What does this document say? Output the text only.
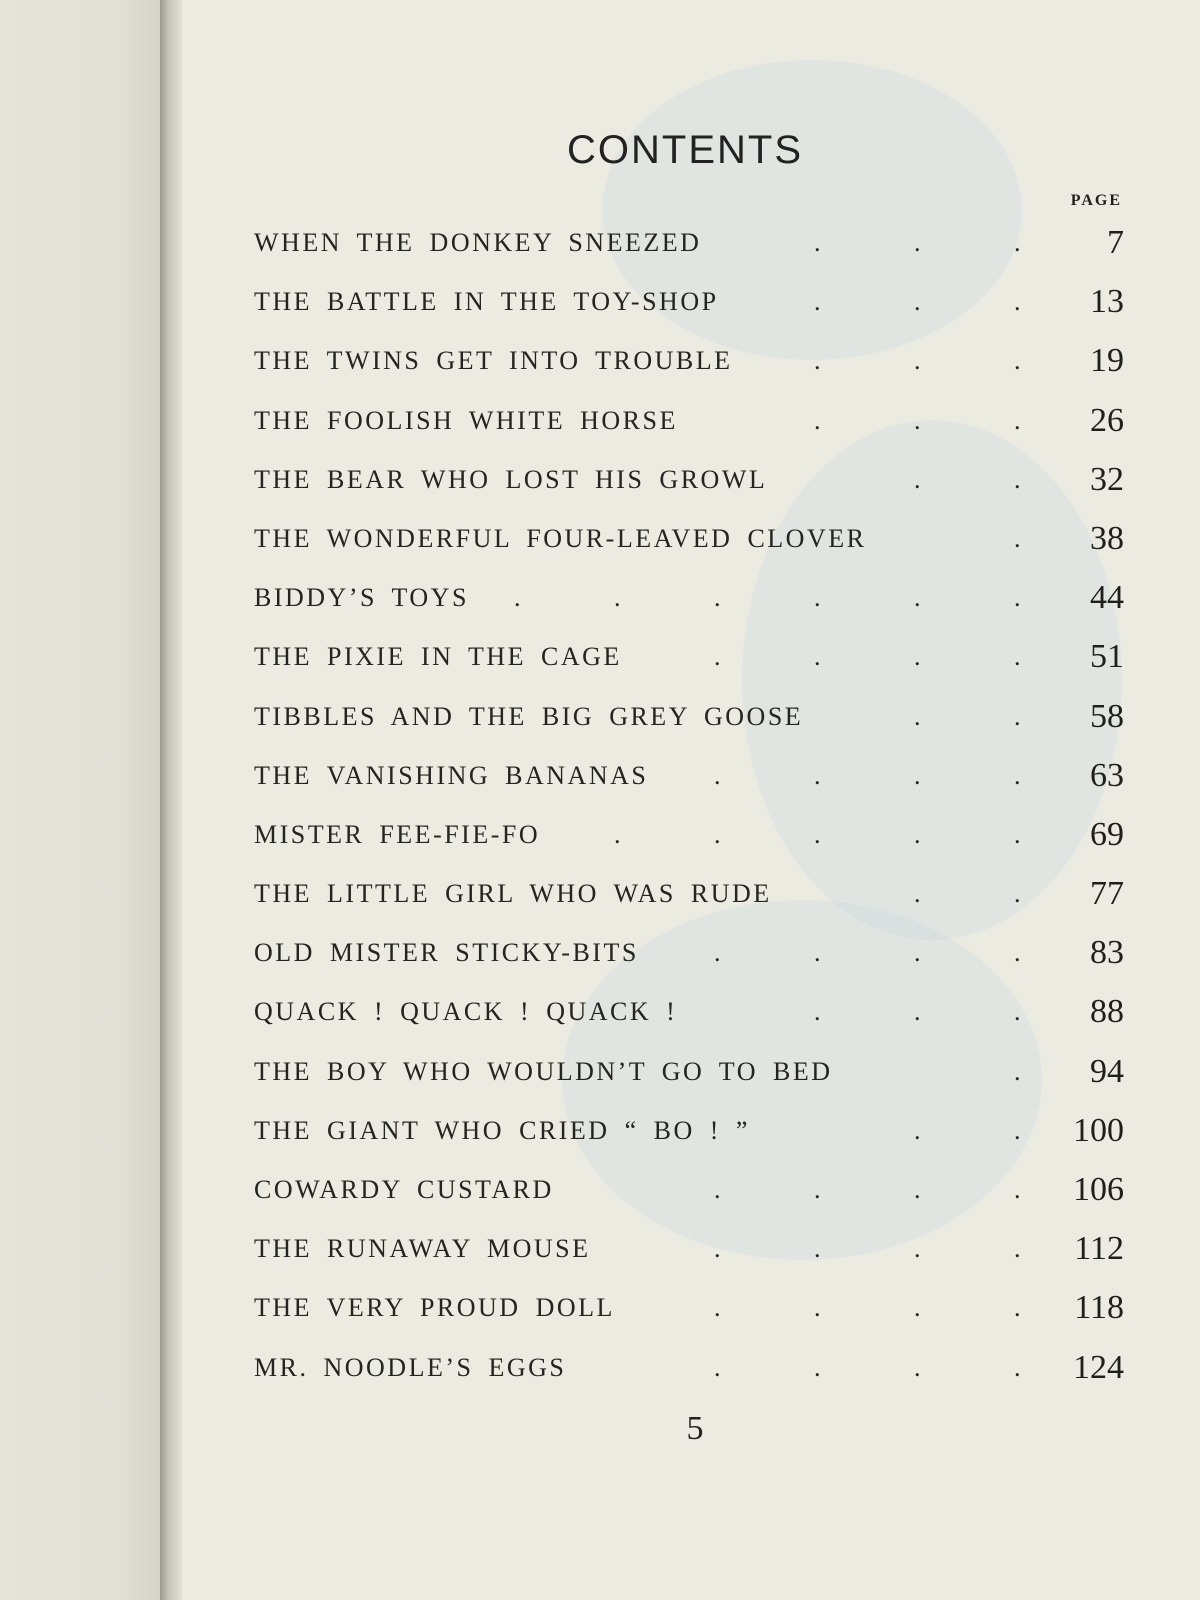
CONTENTS
PAGE
WHEN THE DONKEY SNEEZED	.	.	.	7
THE BATTLE IN THE TOY-SHOP	.	.	. 13
THE TWINS GET INTO TROUBLE	.	.	. 19
THE FOOLISH WHITE HORSE	.	.	. 26
THE BEAR WHO LOST HIS GROWL	.	. 32
THE WONDERFUL FOUR-LEAVED CLOVER	. 38
BIDDY’S TOYS .	.	.	.	.	. 44
THE PIXIE IN THE CAGE	.	.	.	. 51
TIBBLES AND THE BIG GREY GOOSE	.	. 58
THE VANISHING BANANAS	.	.	.	. 63
MISTER FEE-FIE-FO	.	.	.	.	. 69
THE LITTLE GIRL WHO WAS RUDE	.	. 77
OLD MISTER STICKY-BITS	.	.	.	. 83
QUACK ! QUACK ! QUACK !	.	.	. 88
THE BOY WHO WOULDN’T GO TO BED	. 94
THE GIANT WHO CRIED “ BO ! ”	.	. 100
COWARDY CUSTARD	.	.	.	. 106
THE RUNAWAY MOUSE	.	.	.	. 112
THE VERY PROUD DOLL	.	.	.	. 118
MR. NOODLE’S EGGS	.	.	.	. 124
5
